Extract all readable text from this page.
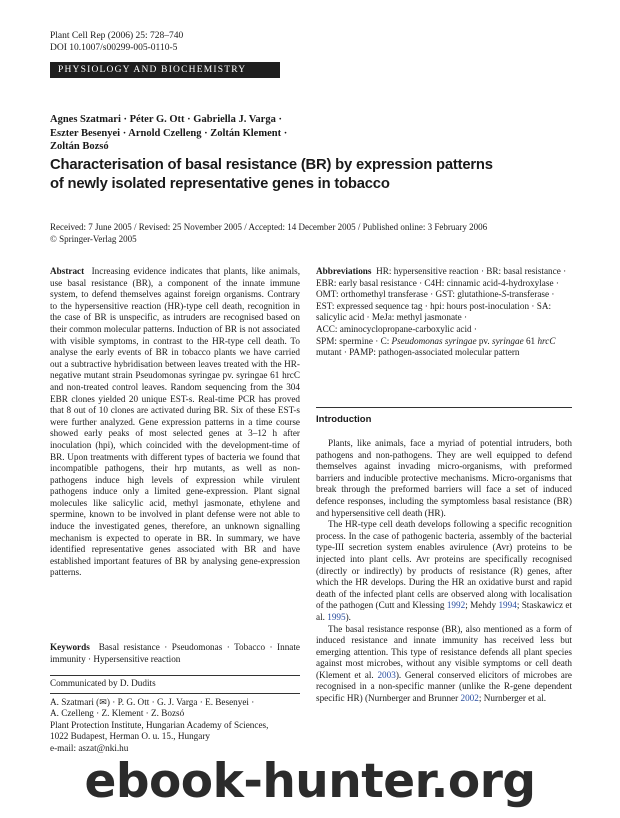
Plant Cell Rep (2006) 25: 728–740
DOI 10.1007/s00299-005-0110-5
PHYSIOLOGY AND BIOCHEMISTRY
Agnes Szatmari · Péter G. Ott · Gabriella J. Varga ·
Eszter Besenyei · Arnold Czelleng · Zoltán Klement ·
Zoltán Bozsó
Characterisation of basal resistance (BR) by expression patterns
of newly isolated representative genes in tobacco
Received: 7 June 2005 / Revised: 25 November 2005 / Accepted: 14 December 2005 / Published online: 3 February 2006
© Springer-Verlag 2005
Abstract Increasing evidence indicates that plants, like animals, use basal resistance (BR), a component of the innate immune system, to defend themselves against foreign organisms. Contrary to the hypersensitive reaction (HR)-type cell death, recognition in the case of BR is unspecific, as intruders are recognised based on their common molecular patterns. Induction of BR is not associated with visible symptoms, in contrast to the HR-type cell death. To analyse the early events of BR in tobacco plants we have carried out a subtractive hybridisation between leaves treated with the HR-negative mutant strain Pseudomonas syringae pv. syringae 61 hrcC and non-treated control leaves. Random sequencing from the 304 EBR clones yielded 20 unique EST-s. Real-time PCR has proved that 8 out of 10 clones are activated during BR. Six of these EST-s were further analyzed. Gene expression patterns in a time course showed early peaks of most selected genes at 3–12 h after inoculation (hpi), which coincided with the development-time of BR. Upon treatments with different types of bacteria we found that incompatible pathogens, their hrp mutants, as well as non-pathogens induce high levels of expression while virulent pathogens induce only a limited gene-expression. Plant signal molecules like salicylic acid, methyl jasmonate, ethylene and spermine, known to be involved in plant defense were not able to induce the investigated genes, therefore, an unknown signalling mechanism is expected to operate in BR. In summary, we have identified representative genes associated with BR and have established important features of BR by analysing gene-expression patterns.
Keywords Basal resistance · Pseudomonas · Tobacco · Innate immunity · Hypersensitive reaction
Communicated by D. Dudits
A. Szatmari (✉) · P. G. Ott · G. J. Varga · E. Besenyei ·
A. Czelleng · Z. Klement · Z. Bozsó
Plant Protection Institute, Hungarian Academy of Sciences,
1022 Budapest, Herman O. u. 15., Hungary
e-mail: aszat@nki.hu
Abbreviations HR: hypersensitive reaction · BR: basal resistance · EBR: early basal resistance · C4H: cinnamic acid-4-hydroxylase · OMT: orthomethyl transferase · GST: glutathione-S-transferase · EST: expressed sequence tag · hpi: hours post-inoculation · SA: salicylic acid · MeJa: methyl jasmonate ·
ACC: aminocyclopropane-carboxylic acid ·
SPM: spermine · C: Pseudomonas syringae pv. syringae 61 hrcC mutant · PAMP: pathogen-associated molecular pattern
Introduction

Plants, like animals, face a myriad of potential intruders, both pathogens and non-pathogens. They are well equipped to defend themselves against invading micro-organisms, with preformed barriers and inducible protective mechanisms. Micro-organisms that break through the preformed barriers will face a set of induced defence responses, including the symptomless basal resistance (BR) and hypersensitive cell death (HR).

The HR-type cell death develops following a specific recognition process. In the case of pathogenic bacteria, assembly of the bacterial type-III secretion system enables avirulence (Avr) proteins to be injected into plant cells. Avr proteins are specifically recognised (directly or indirectly) by products of resistance (R) genes, after which the HR develops. During the HR an oxidative burst and rapid death of the infected plant cells are observed along with localisation of the pathogen (Cutt and Klessing 1992; Mehdy 1994; Staskawicz et al. 1995).

The basal resistance response (BR), also mentioned as a form of induced resistance and innate immunity has received less but emerging attention. This type of resistance defends all plant species against most microbes, without any visible symptoms or cell death (Klement et al. 2003). General conserved elicitors of microbes are recognised in a non-specific manner (unlike the R-gene dependent specific HR) (Nurnberger and Brunner 2002; Nurnberger et al.

ebook-hunter.org
